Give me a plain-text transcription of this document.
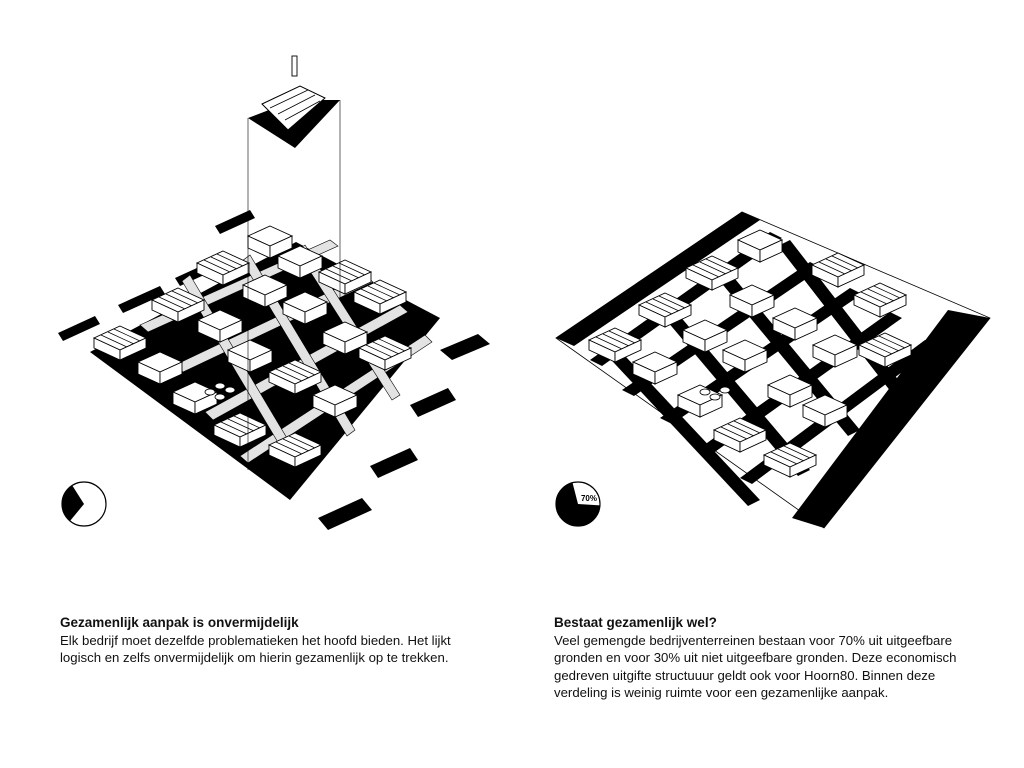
70%
Gezamenlijk aanpak is onvermijdelijk

Elk bedrijf moet dezelfde problematieken het hoofd bieden. Het lijkt logisch en zelfs onvermijdelijk om hierin gezamenlijk op te trekken.

Bestaat gezamenlijk wel?

Veel gemengde bedrijventerreinen bestaan voor 70% uit uitgeefbare gronden en voor 30% uit niet uitgeefbare gronden. Deze economisch gedreven uitgifte structuuur geldt ook voor Hoorn80. Binnen deze verdeling is weinig ruimte voor een gezamenlijke aanpak.
